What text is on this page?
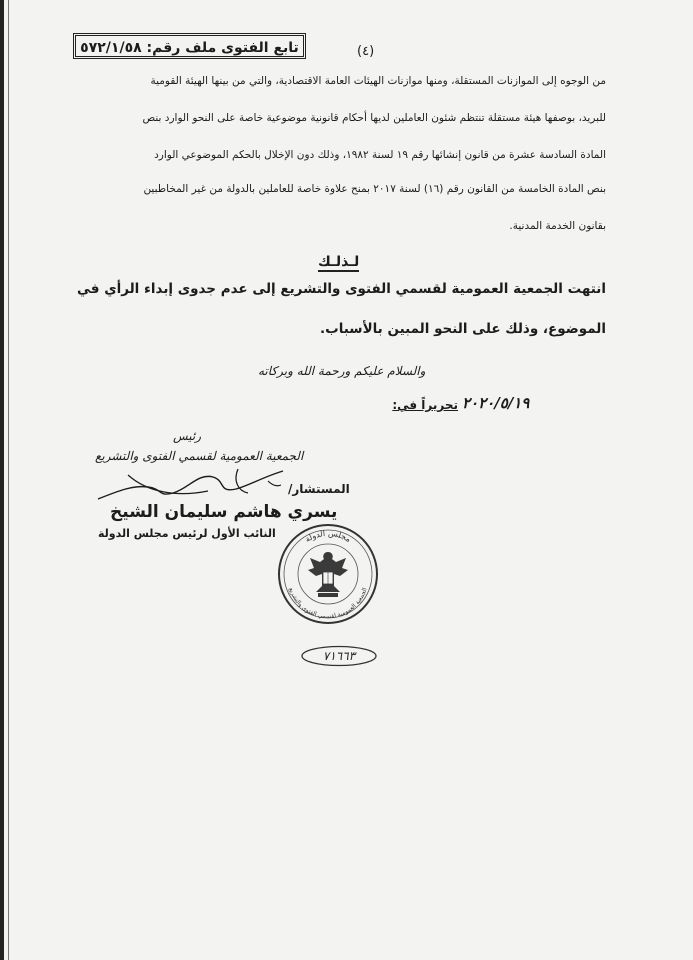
تابع الفتوى ملف رقم: ٥٧٢/١/٥٨	(٤)
من الوجوه إلى الموازنات المستقلة، ومنها موازنات الهيئات العامة الاقتصادية، والتي من بينها الهيئة القومية
للبريد، بوصفها هيئة مستقلة تنتظم شئون العاملين لديها أحكام قانونية موضوعية خاصة على النحو الوارد بنص
المادة السادسة عشرة من قانون إنشائها رقم ١٩ لسنة ١٩٨٢، وذلك دون الإخلال بالحكم الموضوعي الوارد
بنص المادة الخامسة من القانون رقم (١٦) لسنة ٢٠١٧ بمنح علاوة خاصة للعاملين بالدولة من غير المخاطبين
بقانون الخدمة المدنية.
لـذلـك
انتهت الجمعية العمومية لقسمي الفتوى والتشريع إلى عدم جدوى إبداء الرأي في
الموضوع، وذلك على النحو المبين بالأسباب.
والسلام عليكم ورحمة الله وبركاته
تحريراً في: ٢٠٢٠/٥/١٩
رئيس
الجمعية العمومية لقسمي الفتوى والتشريع
المستشار/
يسري هاشم سليمان الشيخ
النائب الأول لرئيس مجلس الدولة	مجلس الدولة
الجمعية العمومية لقسمي الفتوى والتشريع
٧١٦٦٣
